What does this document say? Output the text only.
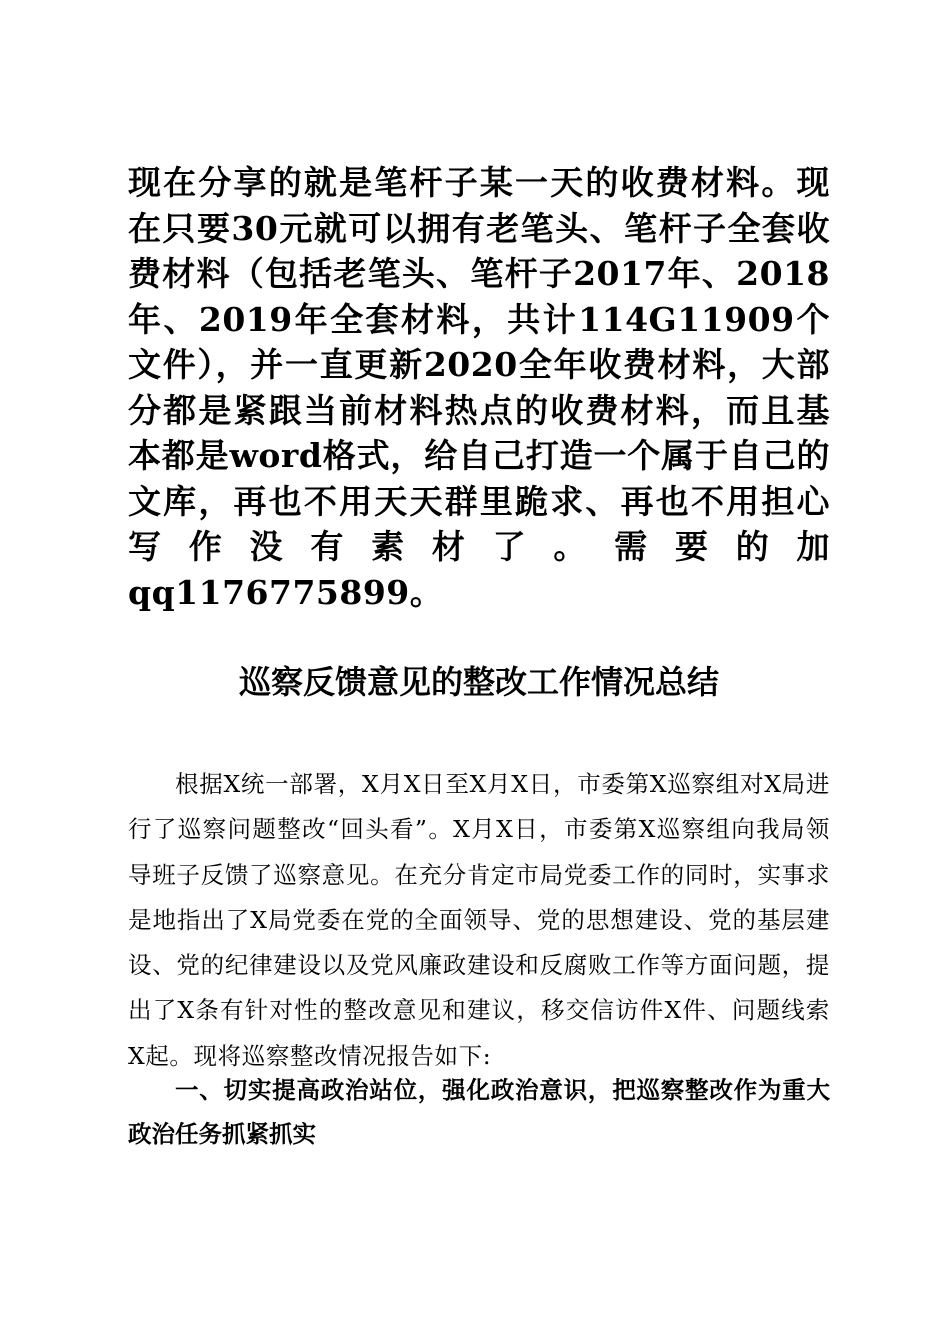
现在分享的就是笔杆子某一天的收费材料。现在只要30元就可以拥有老笔头、笔杆子全套收费材料（包括老笔头、笔杆子2017年、2018年、2019年全套材料，共计114G11909个文件），并一直更新2020全年收费材料，大部分都是紧跟当前材料热点的收费材料，而且基本都是word格式，给自己打造一个属于自己的文库，再也不用天天群里跪求、再也不用担心写作没有素材了。需要的加qq1176775899。

巡察反馈意见的整改工作情况总结

根据X统一部署，X月X日至X月X日，市委第X巡察组对X局进行了巡察问题整改“回头看”。X月X日，市委第X巡察组向我局领导班子反馈了巡察意见。在充分肯定市局党委工作的同时，实事求是地指出了X局党委在党的全面领导、党的思想建设、党的基层建设、党的纪律建设以及党风廉政建设和反腐败工作等方面问题，提出了X条有针对性的整改意见和建议，移交信访件X件、问题线索X起。现将巡察整改情况报告如下:

一、切实提高政治站位，强化政治意识，把巡察整改作为重大政治任务抓紧抓实
